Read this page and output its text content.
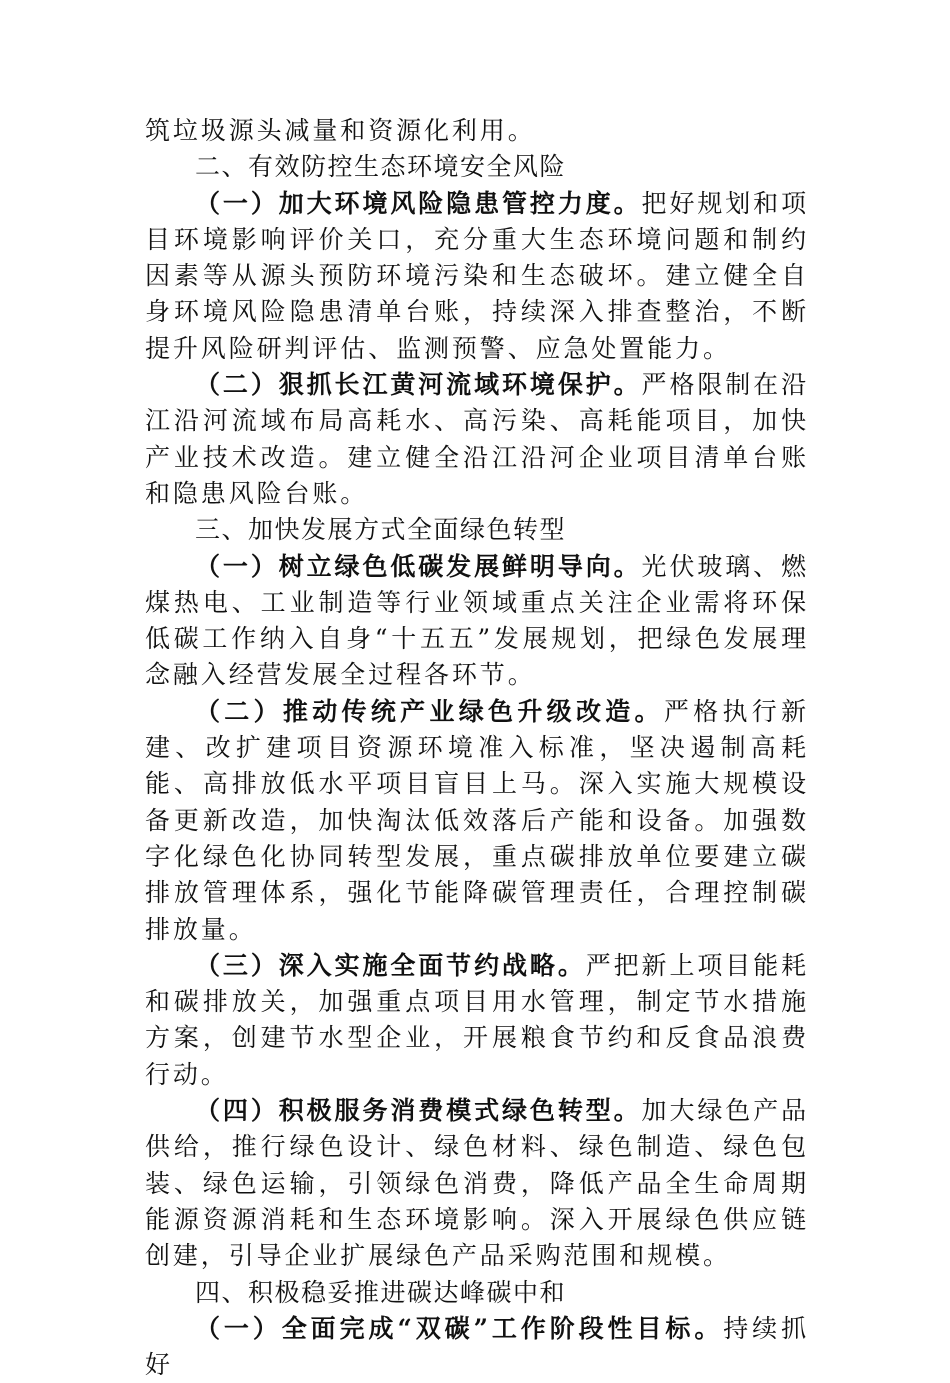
筑垃圾源头减量和资源化利用。

二、有效防控生态环境安全风险

（一）加大环境风险隐患管控力度。把好规划和项目环境影响评价关口，充分重大生态环境问题和制约因素等从源头预防环境污染和生态破坏。建立健全自身环境风险隐患清单台账，持续深入排查整治，不断提升风险研判评估、监测预警、应急处置能力。

（二）狠抓长江黄河流域环境保护。严格限制在沿江沿河流域布局高耗水、高污染、高耗能项目，加快产业技术改造。建立健全沿江沿河企业项目清单台账和隐患风险台账。

三、加快发展方式全面绿色转型

（一）树立绿色低碳发展鲜明导向。光伏玻璃、燃煤热电、工业制造等行业领域重点关注企业需将环保低碳工作纳入自身“十五五”发展规划，把绿色发展理念融入经营发展全过程各环节。

（二）推动传统产业绿色升级改造。严格执行新建、改扩建项目资源环境准入标准，坚决遏制高耗能、高排放低水平项目盲目上马。深入实施大规模设备更新改造，加快淘汰低效落后产能和设备。加强数字化绿色化协同转型发展，重点碳排放单位要建立碳排放管理体系，强化节能降碳管理责任，合理控制碳排放量。

（三）深入实施全面节约战略。严把新上项目能耗和碳排放关，加强重点项目用水管理，制定节水措施方案，创建节水型企业，开展粮食节约和反食品浪费行动。

（四）积极服务消费模式绿色转型。加大绿色产品供给，推行绿色设计、绿色材料、绿色制造、绿色包装、绿色运输，引领绿色消费，降低产品全生命周期能源资源消耗和生态环境影响。深入开展绿色供应链创建，引导企业扩展绿色产品采购范围和规模。

四、积极稳妥推进碳达峰碳中和

（一）全面完成“双碳”工作阶段性目标。持续抓好
